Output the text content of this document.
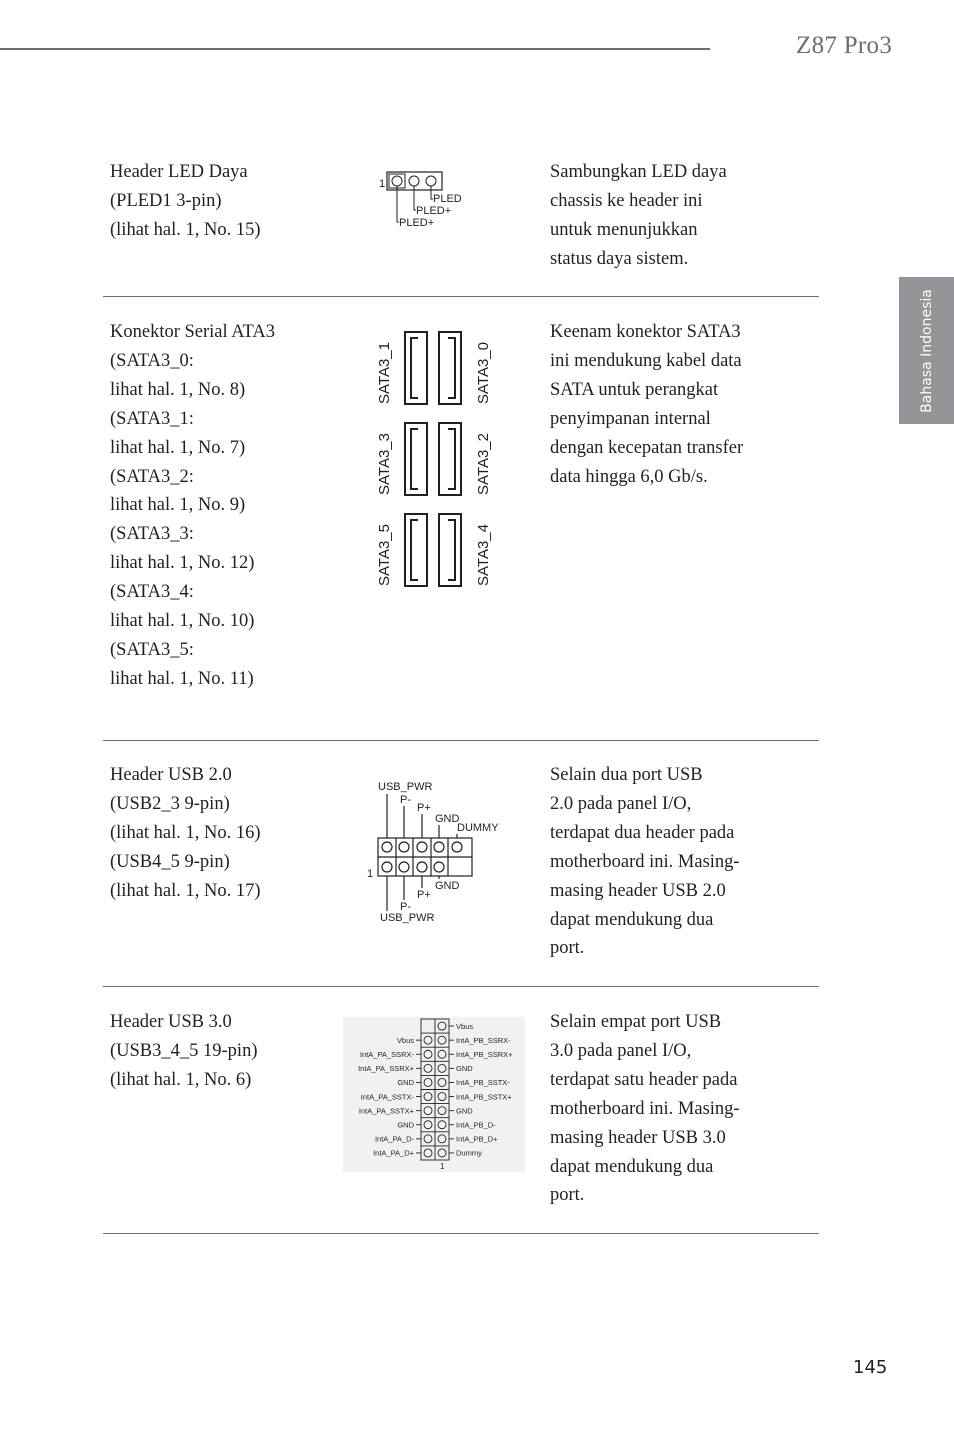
Z87 Pro3
Bahasa Indonesia
Header LED Daya
(PLED1 3-pin)
(lihat hal. 1, No. 15)
Sambungkan LED daya
chassis ke header ini
untuk menunjukkan
status daya sistem.
1
PLED
PLED+
PLED+
Konektor Serial ATA3
(SATA3_0:
lihat hal. 1, No. 8)
(SATA3_1:
lihat hal. 1, No. 7)
(SATA3_2:
lihat hal. 1, No. 9)
(SATA3_3:
lihat hal. 1, No. 12)
(SATA3_4:
lihat hal. 1, No. 10)
(SATA3_5:
lihat hal. 1, No. 11)
Keenam konektor SATA3
ini mendukung kabel data
SATA untuk perangkat
penyimpanan internal
dengan kecepatan transfer
data hingga 6,0 Gb/s.
SATA3_1	SATA3_0
SATA3_3	SATA3_2
SATA3_5	SATA3_4
Header USB 2.0
(USB2_3 9-pin)
(lihat hal. 1, No. 16)
(USB4_5 9-pin)
(lihat hal. 1, No. 17)
Selain dua port USB
2.0 pada panel I/O,
terdapat dua header pada
motherboard ini. Masing-
masing header USB 2.0
dapat mendukung dua
port.
USB_PWR
P-
P+
GND
DUMMY
1
GND
P+
P-
USB_PWR
Header USB 3.0
(USB3_4_5 19-pin)
(lihat hal. 1, No. 6)
Selain empat port USB
3.0 pada panel I/O,
terdapat satu header pada
motherboard ini. Masing-
masing header USB 3.0
dapat mendukung dua
port.
Vbus
IntA_PB_SSRX-
IntA_PB_SSRX+
GND
IntA_PB_SSTX-
IntA_PB_SSTX+
GND
IntA_PB_D-
IntA_PB_D+
Dummy
Vbus
IntA_PA_SSRX-
IntA_PA_SSRX+
GND
IntA_PA_SSTX-
IntA_PA_SSTX+
GND
IntA_PA_D-
IntA_PA_D+
1
145
